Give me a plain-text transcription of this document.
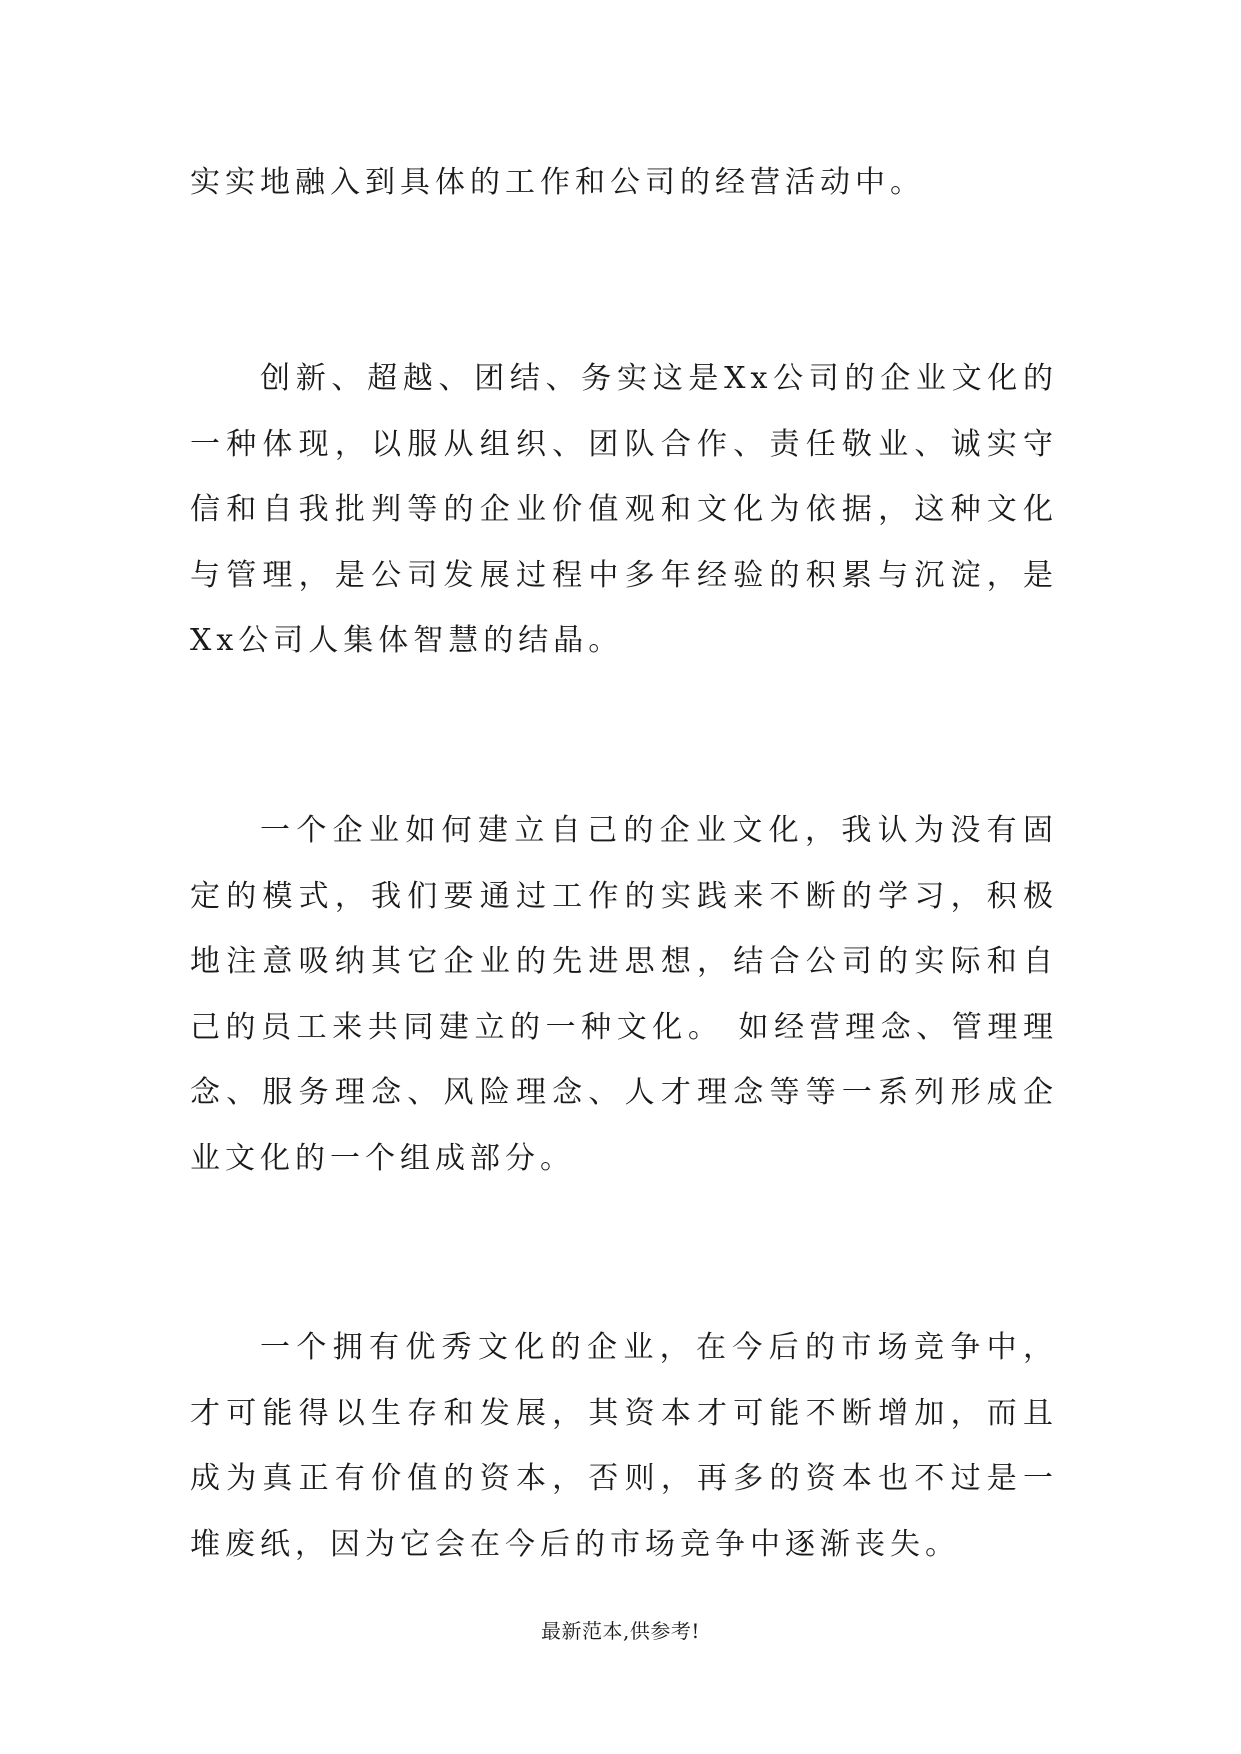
实实地融入到具体的工作和公司的经营活动中。

创新、超越、团结、务实这是Xx公司的企业文化的一种体现，以服从组织、团队合作、责任敬业、诚实守信和自我批判等的企业价值观和文化为依据，这种文化与管理，是公司发展过程中多年经验的积累与沉淀，是Xx公司人集体智慧的结晶。

一个企业如何建立自己的企业文化，我认为没有固定的模式，我们要通过工作的实践来不断的学习，积极地注意吸纳其它企业的先进思想，结合公司的实际和自己的员工来共同建立的一种文化。 如经营理念、管理理念、服务理念、风险理念、人才理念等等一系列形成企业文化的一个组成部分。

一个拥有优秀文化的企业，在今后的市场竞争中，才可能得以生存和发展，其资本才可能不断增加，而且成为真正有价值的资本，否则，再多的资本也不过是一堆废纸，因为它会在今后的市场竞争中逐渐丧失。

最新范本,供参考!
